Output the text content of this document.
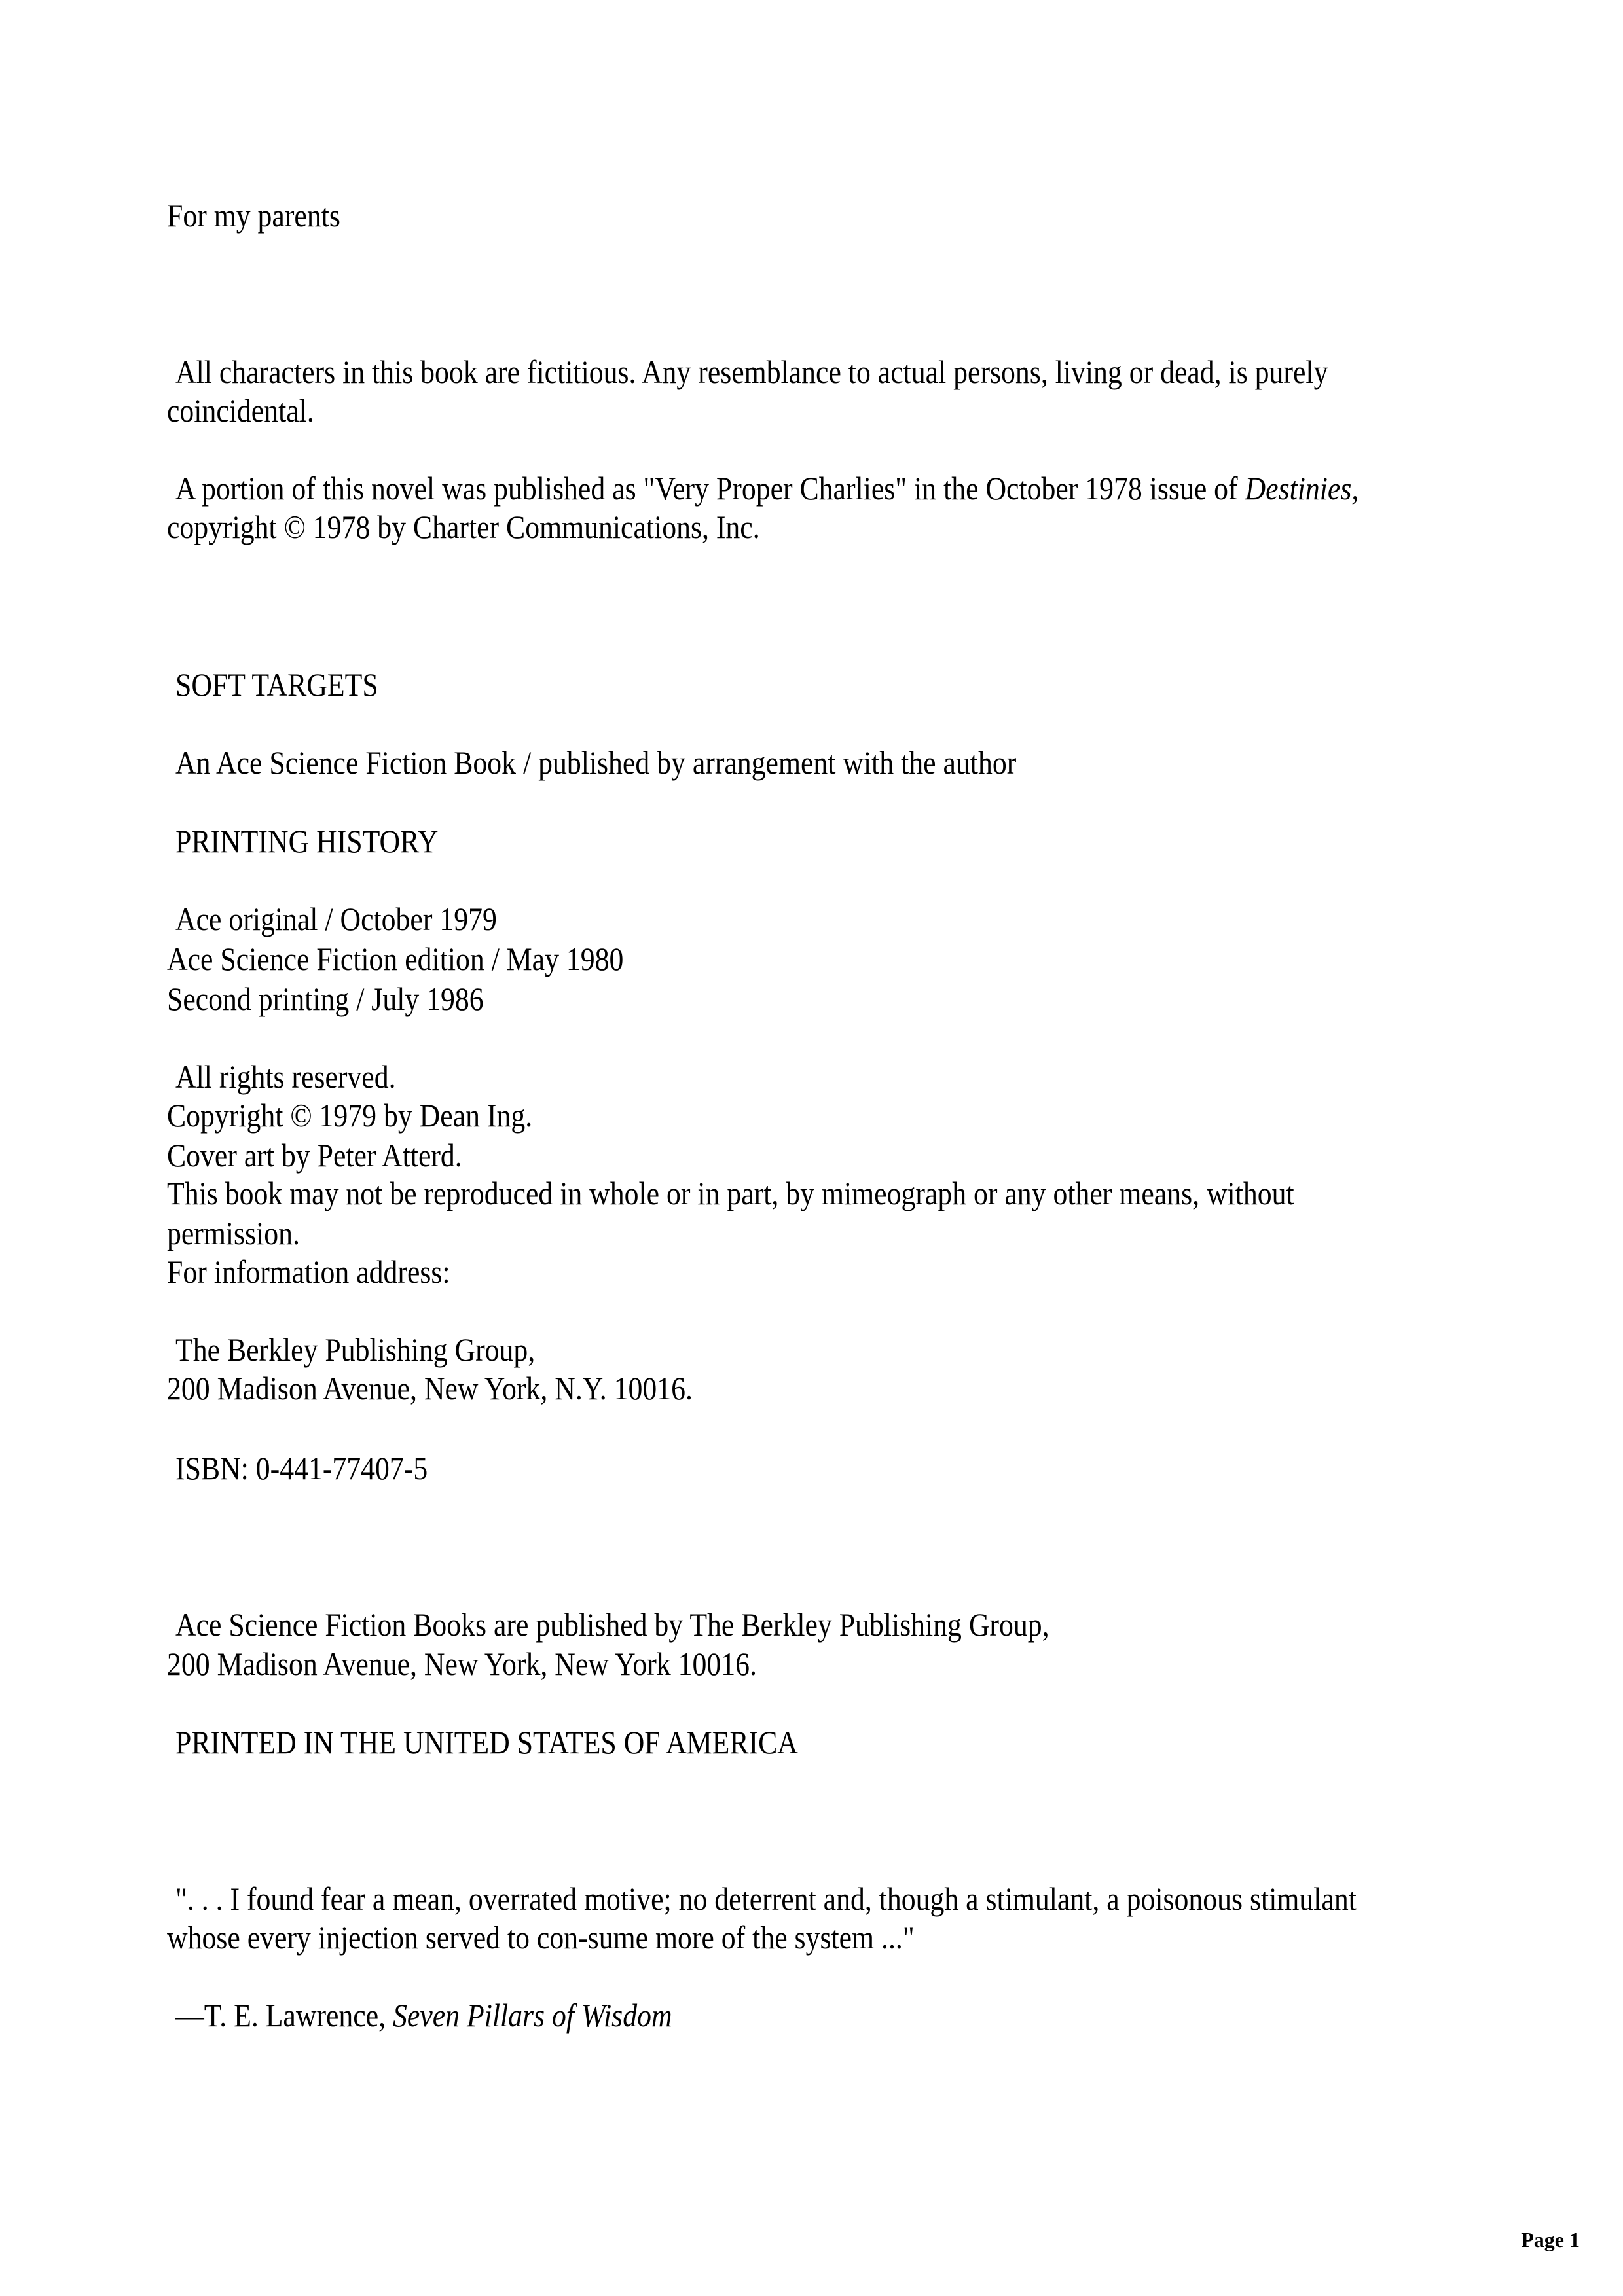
For my parents
All characters in this book are fictitious. Any resemblance to actual persons, living or dead, is purely
coincidental.
A portion of this novel was published as "Very Proper Charlies" in the October 1978 issue of Destinies,
copyright © 1978 by Charter Communications, Inc.
SOFT TARGETS
An Ace Science Fiction Book / published by arrangement with the author
PRINTING HISTORY
Ace original / October 1979
Ace Science Fiction edition / May 1980
Second printing / July 1986
All rights reserved.
Copyright © 1979 by Dean Ing.
Cover art by Peter Atterd.
This book may not be reproduced in whole or in part, by mimeograph or any other means, without
permission.
For information address:
The Berkley Publishing Group,
200 Madison Avenue, New York, N.Y. 10016.
ISBN: 0-441-77407-5
Ace Science Fiction Books are published by The Berkley Publishing Group,
200 Madison Avenue, New York, New York 10016.
PRINTED IN THE UNITED STATES OF AMERICA
". . . I found fear a mean, overrated motive; no deterrent and, though a stimulant, a poisonous stimulant
whose every injection served to con-sume more of the system ..."
—T. E. Lawrence, Seven Pillars of Wisdom
Page 1
